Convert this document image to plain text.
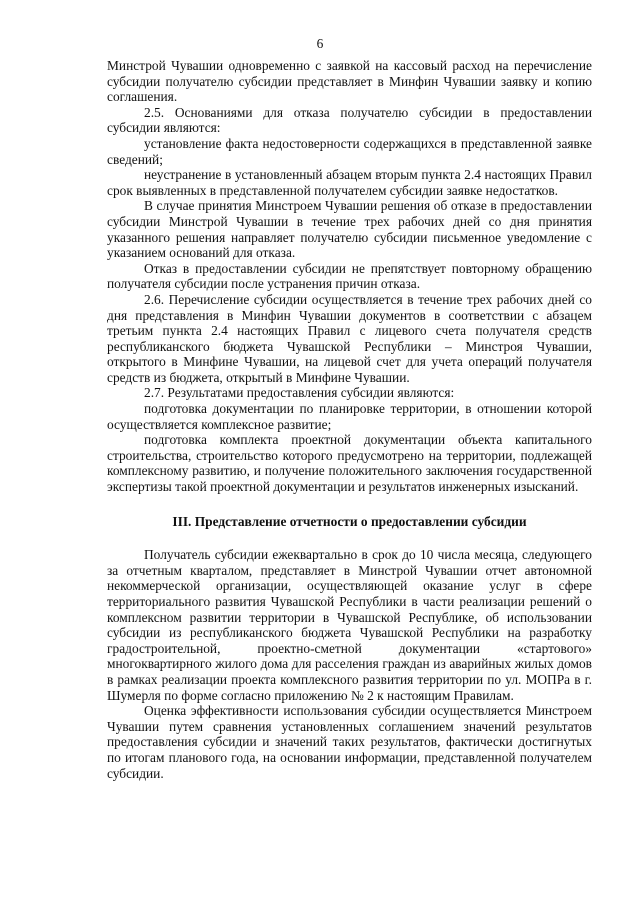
6

Минстрой Чувашии одновременно с заявкой на кассовый расход на перечисление субсидии получателю субсидии представляет в Минфин Чувашии заявку и копию соглашения.

2.5. Основаниями для отказа получателю субсидии в предоставлении субсидии являются:

установление факта недостоверности содержащихся в представленной заявке сведений;

неустранение в установленный абзацем вторым пункта 2.4 настоящих Правил срок выявленных в представленной получателем субсидии заявке недостатков.

В случае принятия Минстроем Чувашии решения об отказе в предоставлении субсидии Минстрой Чувашии в течение трех рабочих дней со дня принятия указанного решения направляет получателю субсидии письменное уведомление с указанием оснований для отказа.

Отказ в предоставлении субсидии не препятствует повторному обращению получателя субсидии после устранения причин отказа.

2.6. Перечисление субсидии осуществляется в течение трех рабочих дней со дня представления в Минфин Чувашии документов в соответствии с абзацем третьим пункта 2.4 настоящих Правил с лицевого счета получателя средств республиканского бюджета Чувашской Республики – Минстроя Чувашии, открытого в Минфине Чувашии, на лицевой счет для учета операций получателя средств из бюджета, открытый в Минфине Чувашии.

2.7. Результатами предоставления субсидии являются:

подготовка документации по планировке территории, в отношении которой осуществляется комплексное развитие;

подготовка комплекта проектной документации объекта капитального строительства, строительство которого предусмотрено на территории, подлежащей комплексному развитию, и получение положительного заключения государственной экспертизы такой проектной документации и результатов инженерных изысканий.

III. Представление отчетности о предоставлении субсидии

Получатель субсидии ежеквартально в срок до 10 числа месяца, следующего за отчетным кварталом, представляет в Минстрой Чувашии отчет автономной некоммерческой организации, осуществляющей оказание услуг в сфере территориального развития Чувашской Республики в части реализации решений о комплексном развитии территории в Чувашской Республике, об использовании субсидии из республиканского бюджета Чувашской Республики на разработку градостроительной, проектно-сметной документации «стартового» многоквартирного жилого дома для расселения граждан из аварийных жилых домов в рамках реализации проекта комплексного развития территории по ул. МОПРа в г. Шумерля по форме согласно приложению № 2 к настоящим Правилам.

Оценка эффективности использования субсидии осуществляется Минстроем Чувашии путем сравнения установленных соглашением значений результатов предоставления субсидии и значений таких результатов, фактически достигнутых по итогам планового года, на основании информации, представленной получателем субсидии.
